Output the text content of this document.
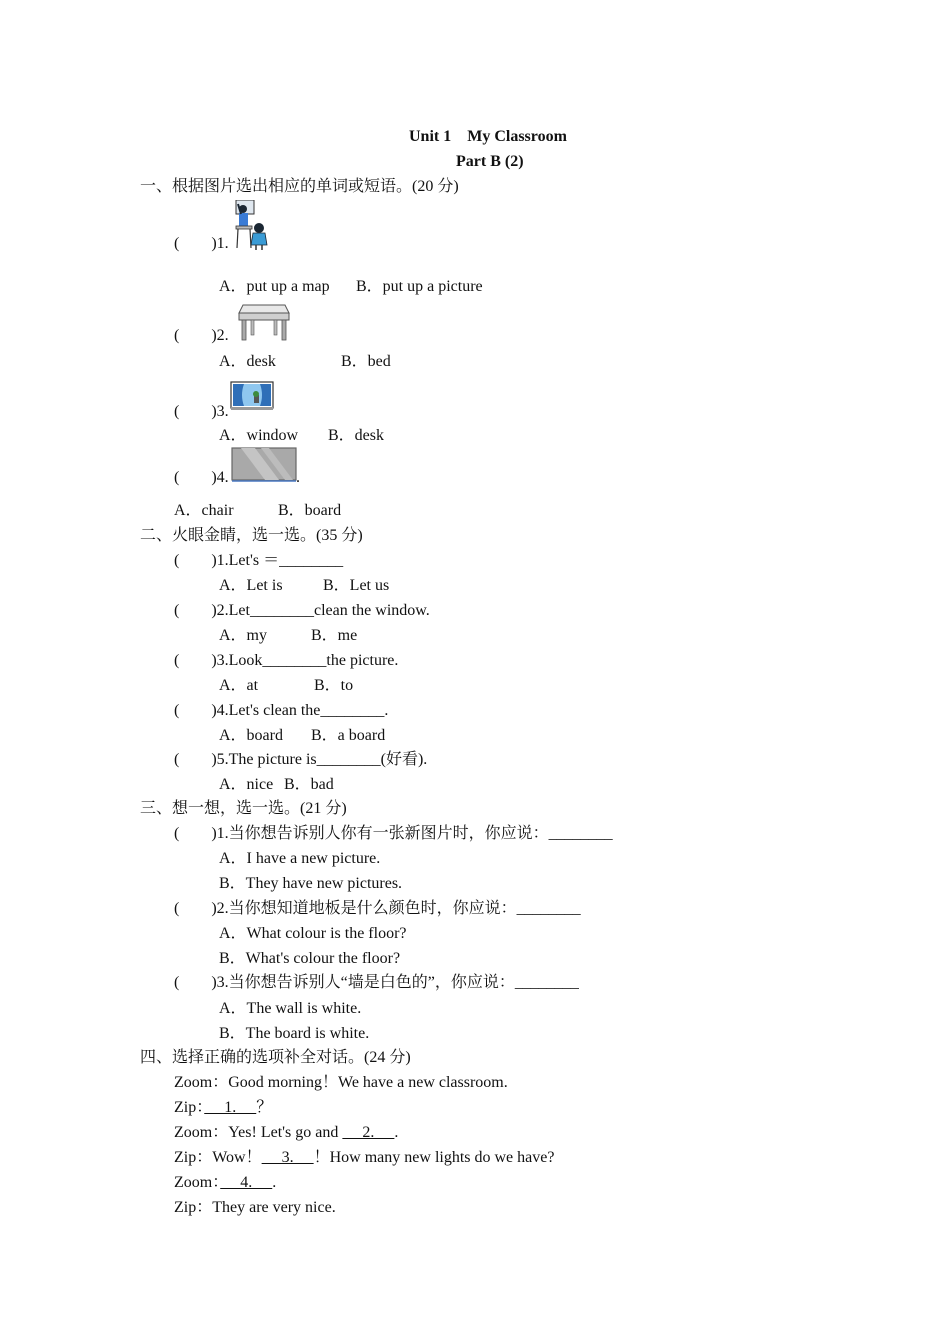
Unit 1　My Classroom
Part B (2)
一、根据图片选出相应的单词或短语。(20 分)
(　　)1.
A．put up a map B．put up a picture
(　　)2.
A．desk	B．bed
(　　)3.
A．window B．desk
(　　)4.	.
A．chair	B．board
二、火眼金睛，选一选。(35 分)
(　　)1.Let's ＝________
A．Let is	B．Let us
(　　)2.Let________clean the window.
A．my	B．me
(　　)3.Look________the picture.
A．at	B．to
(　　)4.Let's clean the________.
A．board B．a board
(　　)5.The picture is________(好看).
A．nice B．bad
三、想一想，选一选。(21 分)
(　　)1.当你想告诉别人你有一张新图片时，你应说：________
A．I have a new picture.
B．They have new pictures.
(　　)2.当你想知道地板是什么颜色时，你应说：________
A．What colour is the floor?
B．What's colour the floor?
(　　)3.当你想告诉别人“墙是白色的”，你应说：________
A．The wall is white.
B．The board is white.
四、选择正确的选项补全对话。(24 分)
Zoom：Good morning！We have a new classroom.
Zip：　 1.　 ？
Zoom：Yes! Let's go and 　 2.　 .
Zip：Wow！　 3.　 ！How many new lights do we have?
Zoom：　 4.　 .
Zip：They are very nice.
